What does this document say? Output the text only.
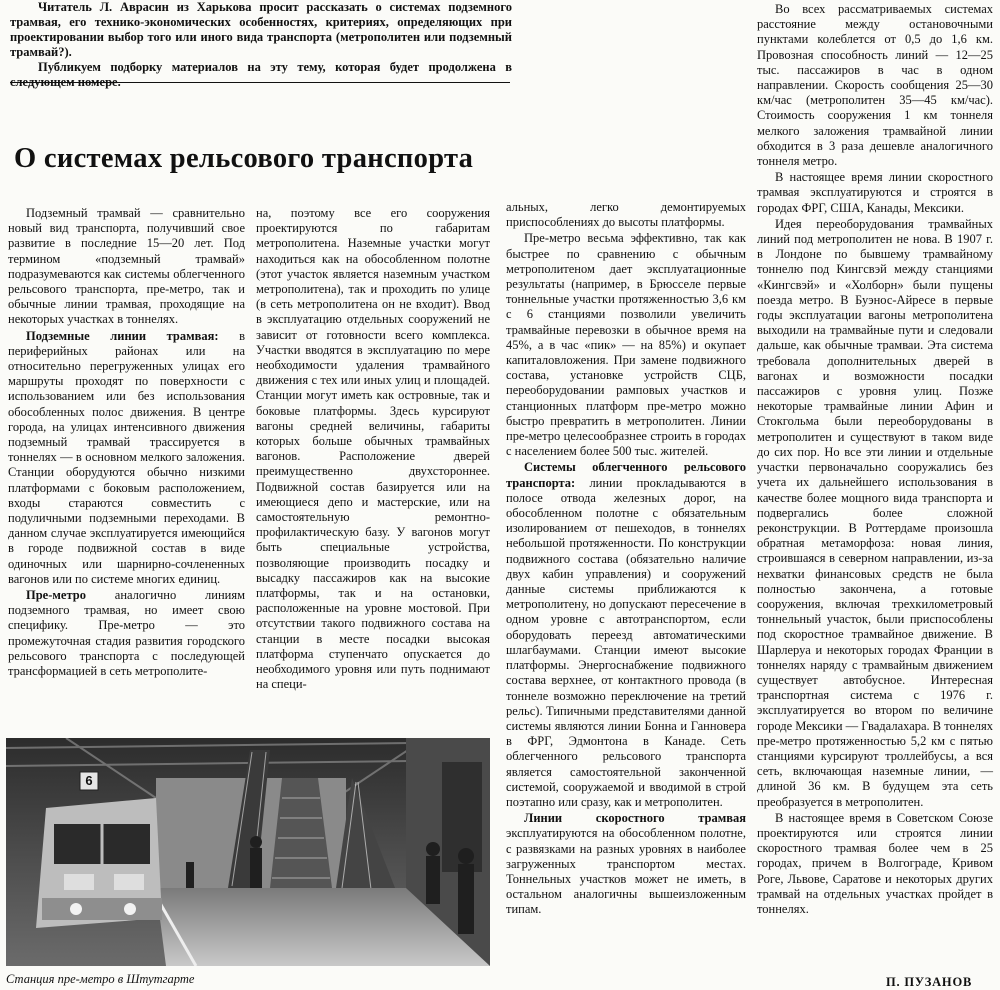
Читатель Л. Аврасин из Харькова просит рассказать о системах подземного трамвая, его технико-экономических особенностях, критериях, определяющих при проектировании выбор того или иного вида транспорта (метрополитен или подземный трамвай?).

Публикуем подборку материалов на эту тему, которая будет продолжена в следующем номере.

О системах рельсового транспорта

Подземный трамвай — сравнительно новый вид транспорта, получивший свое развитие в последние 15—20 лет. Под термином «подземный трамвай» подразумеваются как системы облегченного рельсового транспорта, пре-метро, так и обычные линии трамвая, проходящие на некоторых участках в тоннелях.

Подземные линии трамвая: в периферийных районах или на относительно перегруженных улицах его маршруты проходят по поверхности с использованием или без использования обособленных полос движения. В центре города, на улицах интенсивного движения подземный трамвай трассируется в тоннелях — в основном мелкого заложения. Станции оборудуются обычно низкими платформами с боковым расположением, входы стараются совместить с подуличными подземными переходами. В данном случае эксплуатируется имеющийся в городе подвижной состав в виде одиночных или шарнирно-сочлененных вагонов или по системе многих единиц.

Пре-метро аналогично линиям подземного трамвая, но имеет свою специфику. Пре-метро — это промежуточная стадия развития городского рельсового транспорта с последующей трансформацией в сеть метрополите-

на, поэтому все его сооружения проектируются по габаритам метрополитена. Наземные участки могут находиться как на обособленном полотне (этот участок является наземным участком метрополитена), так и проходить по улице (в сеть метрополитена он не входит). Ввод в эксплуатацию отдельных сооружений не зависит от готовности всего комплекса. Участки вводятся в эксплуатацию по мере необходимости удаления трамвайного движения с тех или иных улиц и площадей. Станции могут иметь как островные, так и боковые платформы. Здесь курсируют вагоны средней величины, габариты которых больше обычных трамвайных вагонов. Расположение дверей преимущественно двухстороннее. Подвижной состав базируется или на имеющиеся депо и мастерские, или на самостоятельную ремонтно-профилактическую базу. У вагонов могут быть специальные устройства, позволяющие производить посадку и высадку пассажиров как на высокие платформы, так и на остановки, расположенные на уровне мостовой. При отсутствии такого подвижного состава на станции в месте посадки высокая платформа ступенчато опускается до необходимого уровня или путь поднимают на специ-

альных, легко демонтируемых приспособлениях до высоты платформы.

Пре-метро весьма эффективно, так как быстрее по сравнению с обычным метрополитеном дает эксплуатационные результаты (например, в Брюсселе первые тоннельные участки протяженностью 3,6 км с 6 станциями позволили увеличить трамвайные перевозки в обычное время на 45%, а в час «пик» — на 85%) и окупает капиталовложения. При замене подвижного состава, установке устройств СЦБ, переоборудовании рамповых участков и станционных платформ пре-метро можно быстро превратить в метрополитен. Линии пре-метро целесообразнее строить в городах с населением более 500 тыс. жителей.

Системы облегченного рельсового транспорта: линии прокладываются в полосе отвода железных дорог, на обособленном полотне с обязательным изолированием от пешеходов, в тоннелях небольшой протяженности. По конструкции подвижного состава (обязательно наличие двух кабин управления) и сооружений данные системы приближаются к метрополитену, но допускают пересечение в одном уровне с автотранспортом, если оборудовать переезд автоматическими шлагбаумами. Станции имеют высокие платформы. Энергоснабжение подвижного состава верхнее, от контактного провода (в тоннеле возможно переключение на третий рельс). Типичными представителями данной системы являются линии Бонна и Ганновера в ФРГ, Эдмонтона в Канаде. Сеть облегченного рельсового транспорта является самостоятельной законченной системой, сооружаемой и вводимой в строй поэтапно или сразу, как и метрополитен.

Линии скоростного трамвая эксплуатируются на обособленном полотне, с развязками на разных уровнях в наиболее загруженных транспортом местах. Тоннельных участков может не иметь, в остальном аналогичны вышеизложенным типам.

Во всех рассматриваемых системах расстояние между остановочными пунктами колеблется от 0,5 до 1,6 км. Провозная способность линий — 12—25 тыс. пассажиров в час в одном направлении. Скорость сообщения 25—30 км/час (метрополитен 35—45 км/час). Стоимость сооружения 1 км тоннеля мелкого заложения трамвайной линии обходится в 3 раза дешевле аналогичного тоннеля метро.

В настоящее время линии скоростного трамвая эксплуатируются и строятся в городах ФРГ, США, Канады, Мексики.

Идея переоборудования трамвайных линий под метрополитен не нова. В 1907 г. в Лондоне по бывшему трамвайному тоннелю под Кингсвэй между станциями «Кингсвэй» и «Холборн» были пущены поезда метро. В Буэнос-Айресе в первые годы эксплуатации вагоны метрополитена выходили на трамвайные пути и следовали дальше, как обычные трамваи. Эта система требовала дополнительных дверей в вагонах и возможности посадки пассажиров с уровня улиц. Позже некоторые трамвайные линии Афин и Стокгольма были переоборудованы в метрополитен и существуют в таком виде до сих пор. Но все эти линии и отдельные участки первоначально сооружались без учета их дальнейшего использования в качестве более мощного вида транспорта и подвергались более сложной реконструкции. В Роттердаме произошла обратная метаморфоза: новая линия, строившаяся в северном направлении, из-за нехватки финансовых средств не была полностью закончена, а готовые сооружения, включая трехкилометровый тоннельный участок, были приспособлены под скоростное трамвайное движение. В Шарлеруа и некоторых городах Франции в тоннелях наряду с трамвайным движением существует автобусное. Интересная транспортная система с 1976 г. эксплуатируется во втором по величине городе Мексики — Гвадалахара. В тоннелях пре-метро протяженностью 5,2 км с пятью станциями курсируют троллейбусы, а вся сеть, включающая наземные линии, — длиной 36 км. В будущем эта сеть преобразуется в метрополитен.

В настоящее время в Советском Союзе проектируются или строятся линии скоростного трамвая более чем в 25 городах, причем в Волгограде, Кривом Роге, Львове, Саратове и некоторых других трамвай на отдельных участках пройдет в тоннелях.

6
Станция пре-метро в Штутгарте	П. ПУЗАНОВ
